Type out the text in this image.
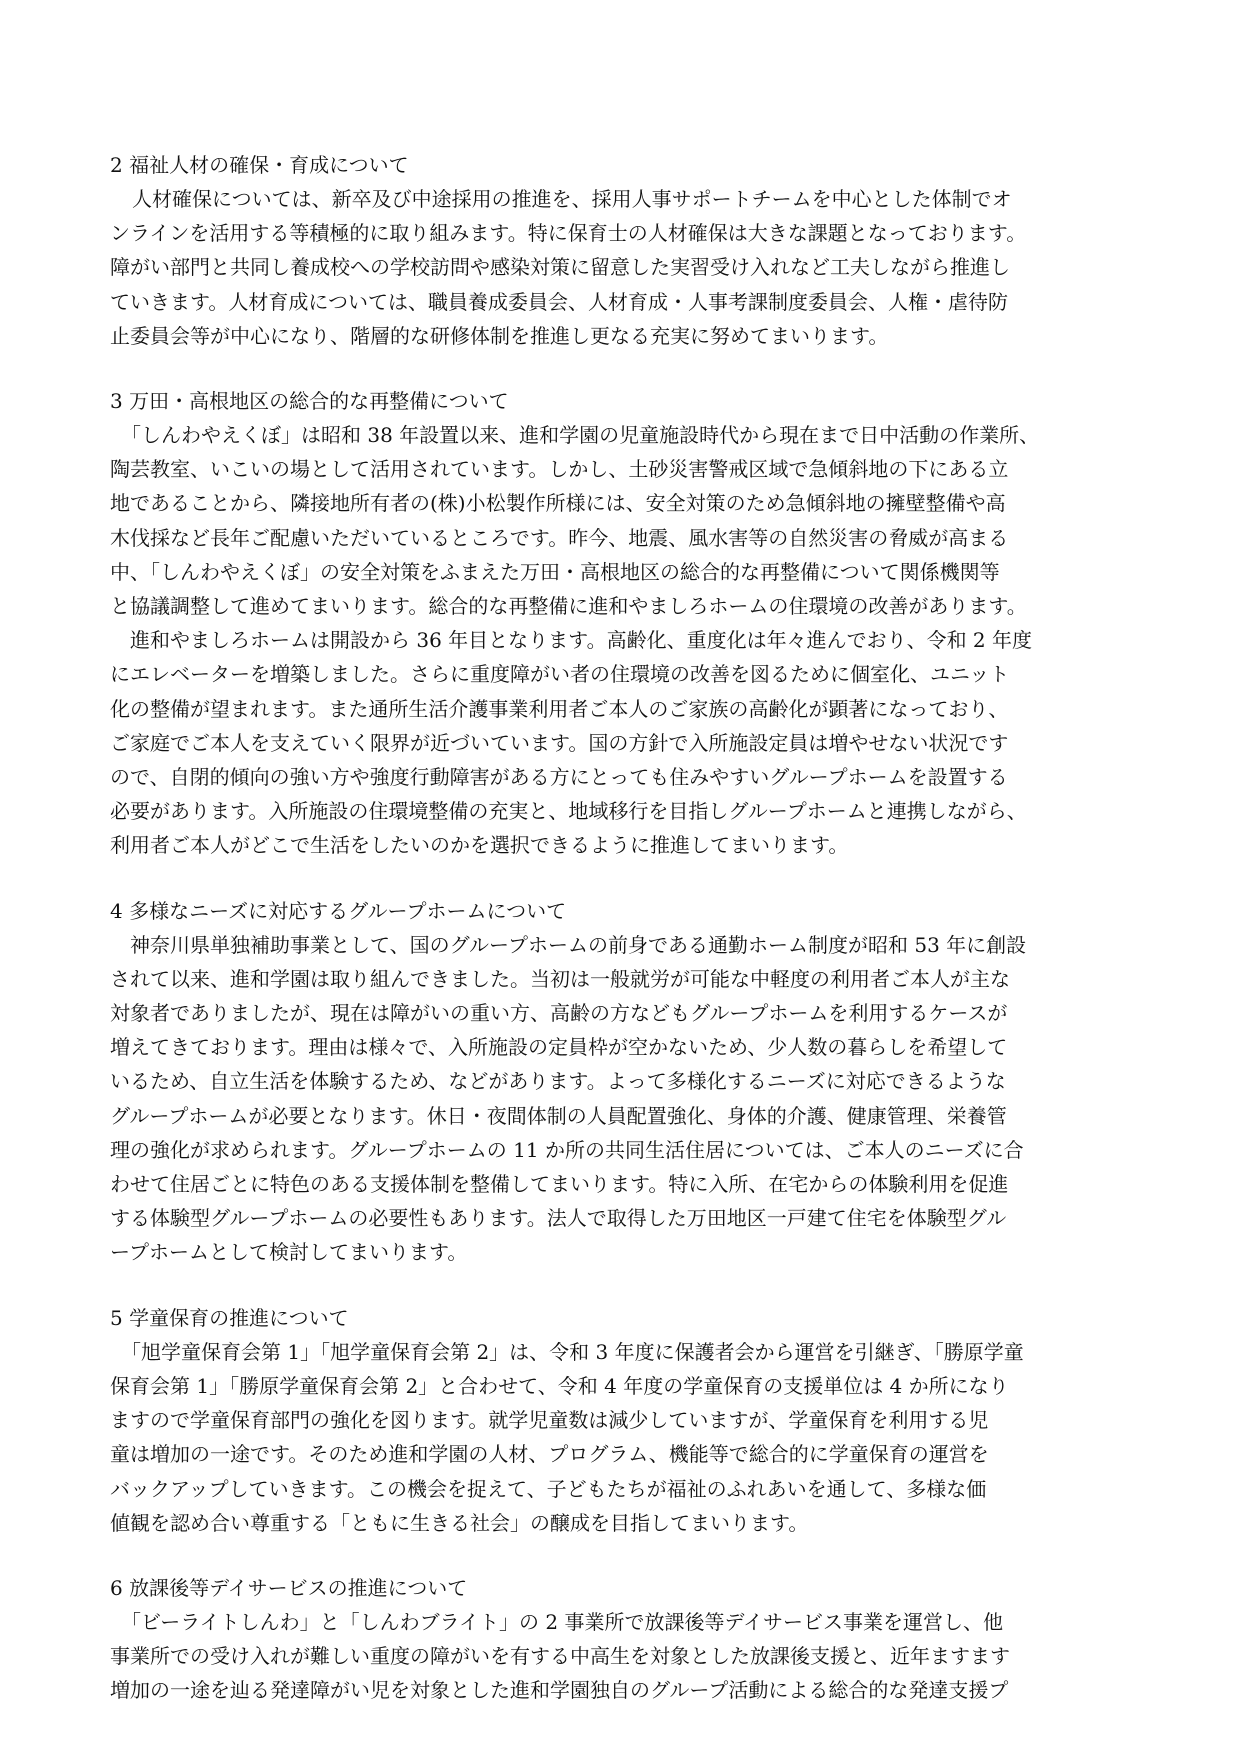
2 福祉人材の確保・育成について

人材確保については、新卒及び中途採用の推進を、採用人事サポートチームを中心とした体制でオ

ンラインを活用する等積極的に取り組みます。特に保育士の人材確保は大きな課題となっております。

障がい部門と共同し養成校への学校訪問や感染対策に留意した実習受け入れなど工夫しながら推進し

ていきます。人材育成については、職員養成委員会、人材育成・人事考課制度委員会、人権・虐待防

止委員会等が中心になり、階層的な研修体制を推進し更なる充実に努めてまいります。

3 万田・高根地区の総合的な再整備について

「しんわやえくぼ」は昭和 38 年設置以来、進和学園の児童施設時代から現在まで日中活動の作業所、

陶芸教室、いこいの場として活用されています。しかし、土砂災害警戒区域で急傾斜地の下にある立

地であることから、隣接地所有者の(株)小松製作所様には、安全対策のため急傾斜地の擁壁整備や高

木伐採など長年ご配慮いただいているところです。昨今、地震、風水害等の自然災害の脅威が高まる

中、「しんわやえくぼ」の安全対策をふまえた万田・高根地区の総合的な再整備について関係機関等

と協議調整して進めてまいります。総合的な再整備に進和やましろホームの住環境の改善があります。

　進和やましろホームは開設から 36 年目となります。高齢化、重度化は年々進んでおり、令和 2 年度

にエレベーターを増築しました。さらに重度障がい者の住環境の改善を図るために個室化、ユニット

化の整備が望まれます。また通所生活介護事業利用者ご本人のご家族の高齢化が顕著になっており、

ご家庭でご本人を支えていく限界が近づいています。国の方針で入所施設定員は増やせない状況です

ので、自閉的傾向の強い方や強度行動障害がある方にとっても住みやすいグループホームを設置する

必要があります。入所施設の住環境整備の充実と、地域移行を目指しグループホームと連携しながら、

利用者ご本人がどこで生活をしたいのかを選択できるように推進してまいります。

4 多様なニーズに対応するグループホームについて

　神奈川県単独補助事業として、国のグループホームの前身である通勤ホーム制度が昭和 53 年に創設

されて以来、進和学園は取り組んできました。当初は一般就労が可能な中軽度の利用者ご本人が主な

対象者でありましたが、現在は障がいの重い方、高齢の方などもグループホームを利用するケースが

増えてきております。理由は様々で、入所施設の定員枠が空かないため、少人数の暮らしを希望して

いるため、自立生活を体験するため、などがあります。よって多様化するニーズに対応できるような

グループホームが必要となります。休日・夜間体制の人員配置強化、身体的介護、健康管理、栄養管

理の強化が求められます。グループホームの 11 か所の共同生活住居については、ご本人のニーズに合

わせて住居ごとに特色のある支援体制を整備してまいります。特に入所、在宅からの体験利用を促進

する体験型グループホームの必要性もあります。法人で取得した万田地区一戸建て住宅を体験型グル

ープホームとして検討してまいります。

5 学童保育の推進について

「旭学童保育会第 1」「旭学童保育会第 2」は、令和 3 年度に保護者会から運営を引継ぎ、「勝原学童

保育会第 1」「勝原学童保育会第 2」と合わせて、令和 4 年度の学童保育の支援単位は 4 か所になり

ますので学童保育部門の強化を図ります。就学児童数は減少していますが、学童保育を利用する児

童は増加の一途です。そのため進和学園の人材、プログラム、機能等で総合的に学童保育の運営を

バックアップしていきます。この機会を捉えて、子どもたちが福祉のふれあいを通して、多様な価

値観を認め合い尊重する「ともに生きる社会」の醸成を目指してまいります。

6 放課後等デイサービスの推進について

「ビーライトしんわ」と「しんわブライト」の 2 事業所で放課後等デイサービス事業を運営し、他

事業所での受け入れが難しい重度の障がいを有する中高生を対象とした放課後支援と、近年ますます

増加の一途を辿る発達障がい児を対象とした進和学園独自のグループ活動による総合的な発達支援プ
